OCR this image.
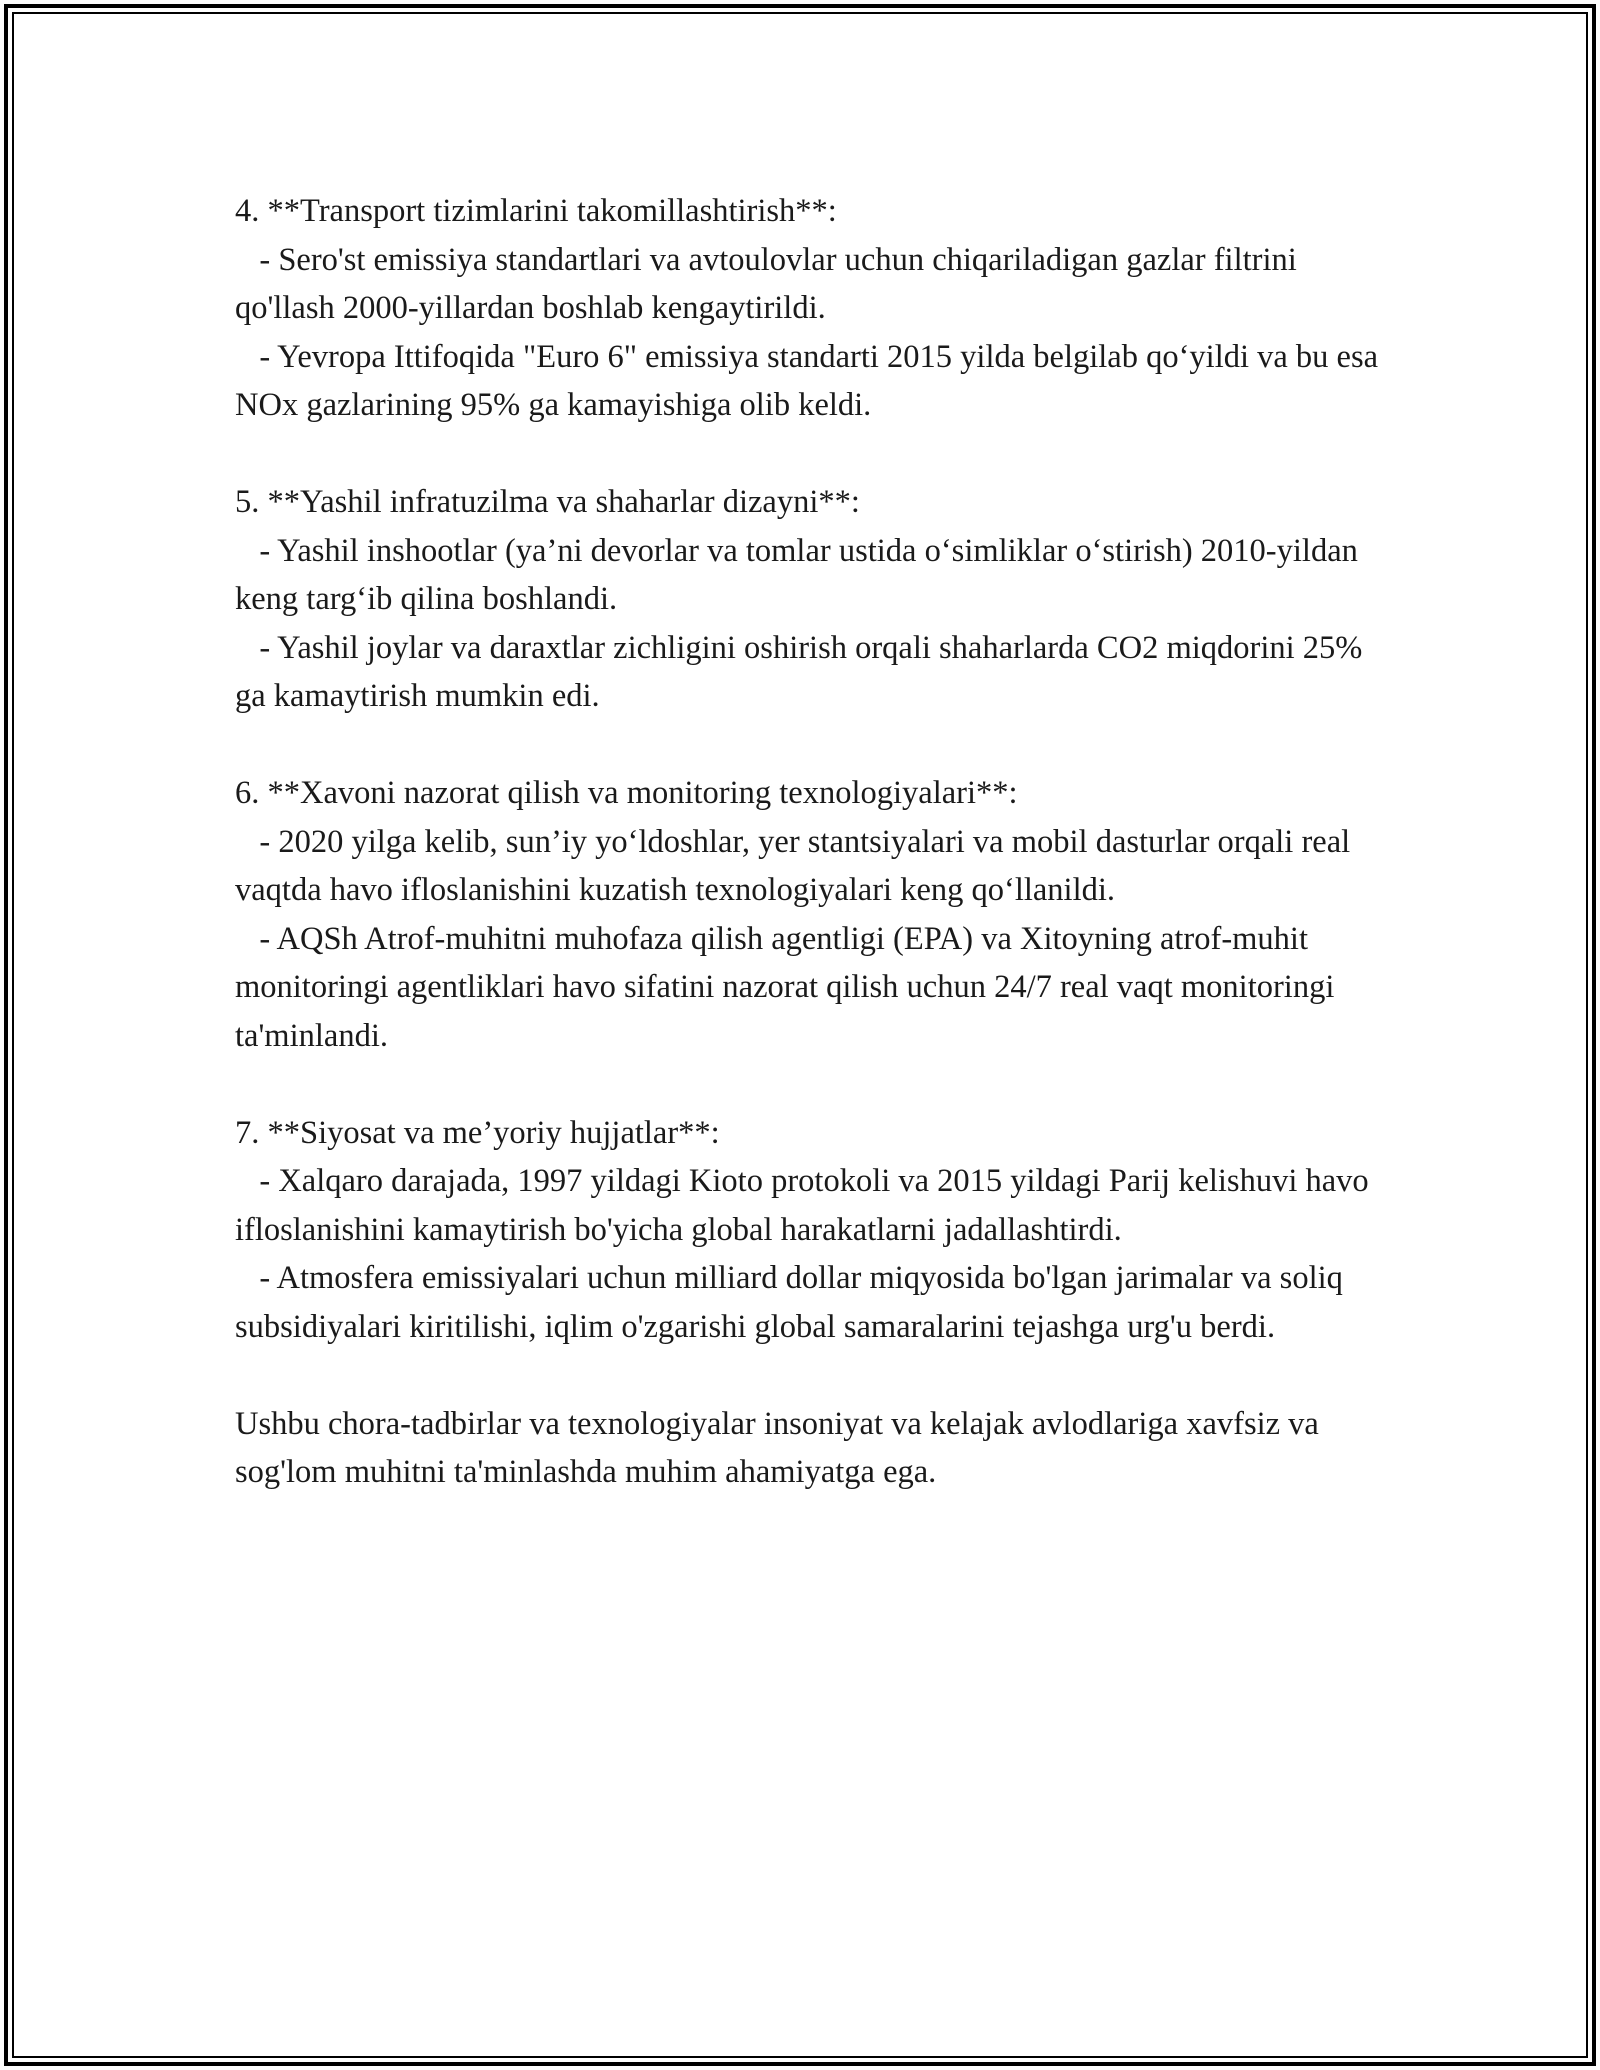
4. **Transport tizimlarini takomillashtirish**:

- Sero'st emissiya standartlari va avtoulovlar uchun chiqariladigan gazlar filtrini qo'llash 2000-yillardan boshlab kengaytirildi.

- Yevropa Ittifoqida "Euro 6" emissiya standarti 2015 yilda belgilab qo‘yildi va bu esa NOx gazlarining 95% ga kamayishiga olib keldi.

5. **Yashil infratuzilma va shaharlar dizayni**:

- Yashil inshootlar (ya’ni devorlar va tomlar ustida o‘simliklar o‘stirish) 2010-yildan keng targ‘ib qilina boshlandi.

- Yashil joylar va daraxtlar zichligini oshirish orqali shaharlarda CO2 miqdorini 25% ga kamaytirish mumkin edi.

6. **Xavoni nazorat qilish va monitoring texnologiyalari**:

- 2020 yilga kelib, sun’iy yo‘ldoshlar, yer stantsiyalari va mobil dasturlar orqali real vaqtda havo ifloslanishini kuzatish texnologiyalari keng qo‘llanildi.

- AQSh Atrof-muhitni muhofaza qilish agentligi (EPA) va Xitoyning atrof-muhit monitoringi agentliklari havo sifatini nazorat qilish uchun 24/7 real vaqt monitoringi ta'minlandi.

7. **Siyosat va me’yoriy hujjatlar**:

- Xalqaro darajada, 1997 yildagi Kioto protokoli va 2015 yildagi Parij kelishuvi havo ifloslanishini kamaytirish bo'yicha global harakatlarni jadallashtirdi.

- Atmosfera emissiyalari uchun milliard dollar miqyosida bo'lgan jarimalar va soliq subsidiyalari kiritilishi, iqlim o'zgarishi global samaralarini tejashga urg'u berdi.

Ushbu chora-tadbirlar va texnologiyalar insoniyat va kelajak avlodlariga xavfsiz va sog'lom muhitni ta'minlashda muhim ahamiyatga ega.
